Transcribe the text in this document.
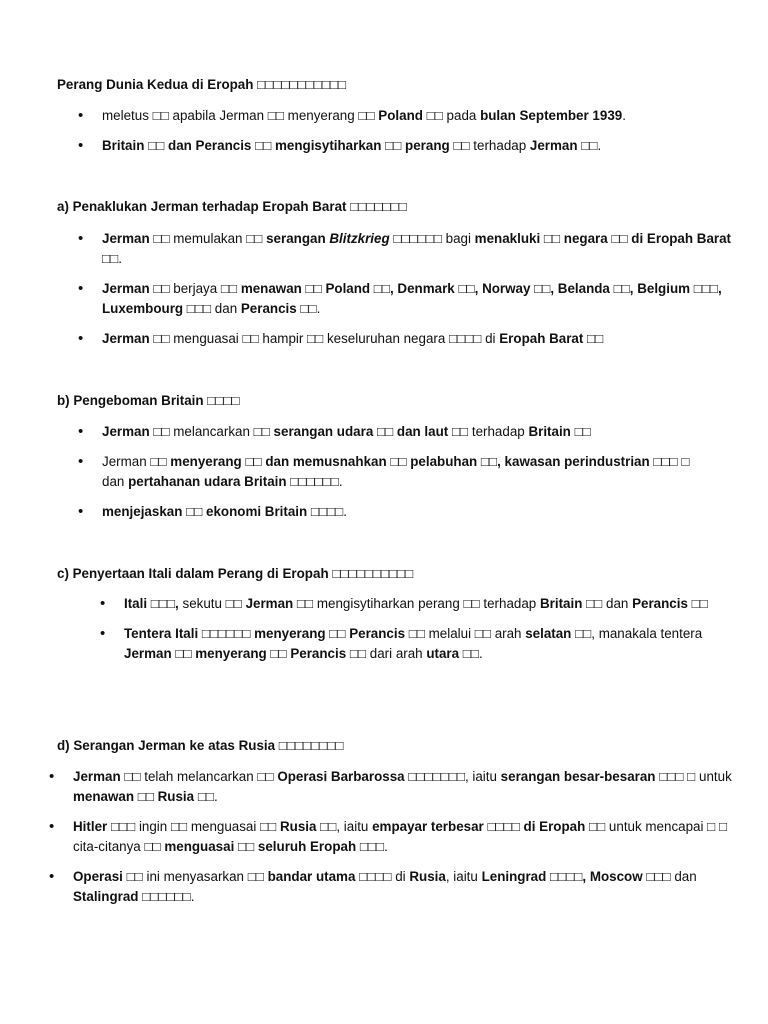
Perang Dunia Kedua di Eropah □□□□□□□□□□□
• meletus □□ apabila Jerman □□ menyerang □□ Poland □□ pada bulan September 1939.
• Britain □□ dan Perancis □□ mengisytiharkan □□ perang □□ terhadap Jerman □□.
a) Penaklukan Jerman terhadap Eropah Barat □□□□□□□
• Jerman □□ memulakan □□ serangan Blitzkrieg □□□□□□ bagi menakluki □□ negara □□ di Eropah Barat □□.
• Jerman □□ berjaya □□ menawan □□ Poland □□, Denmark □□, Norway □□, Belanda □□, Belgium □□□, Luxembourg □□□ dan Perancis □□.
• Jerman □□ menguasai □□ hampir □□ keseluruhan negara □□□□ di Eropah Barat □□
b) Pengeboman Britain □□□□
• Jerman □□ melancarkan □□ serangan udara □□ dan laut □□ terhadap Britain □□
• Jerman □□ menyerang □□ dan memusnahkan □□ pelabuhan □□, kawasan perindustrian □□□ □ dan pertahanan udara Britain □□□□□□.
• menjejaskan □□ ekonomi Britain □□□□.
c) Penyertaan Itali dalam Perang di Eropah □□□□□□□□□□
• Itali □□□, sekutu □□ Jerman □□ mengisytiharkan perang □□ terhadap Britain □□ dan Perancis □□
• Tentera Itali □□□□□□ menyerang □□ Perancis □□ melalui □□ arah selatan □□, manakala tentera Jerman □□ menyerang □□ Perancis □□ dari arah utara □□.
d) Serangan Jerman ke atas Rusia □□□□□□□□
• Jerman □□ telah melancarkan □□ Operasi Barbarossa □□□□□□□, iaitu serangan besar-besaran □□□ □ untuk menawan □□ Rusia □□.
• Hitler □□□ ingin □□ menguasai □□ Rusia □□, iaitu empayar terbesar □□□□ di Eropah □□ untuk mencapai □ □ cita-citanya □□ menguasai □□ seluruh Eropah □□□.
• Operasi □□ ini menyasarkan □□ bandar utama □□□□ di Rusia, iaitu Leningrad □□□□, Moscow □□□ dan Stalingrad □□□□□□.
